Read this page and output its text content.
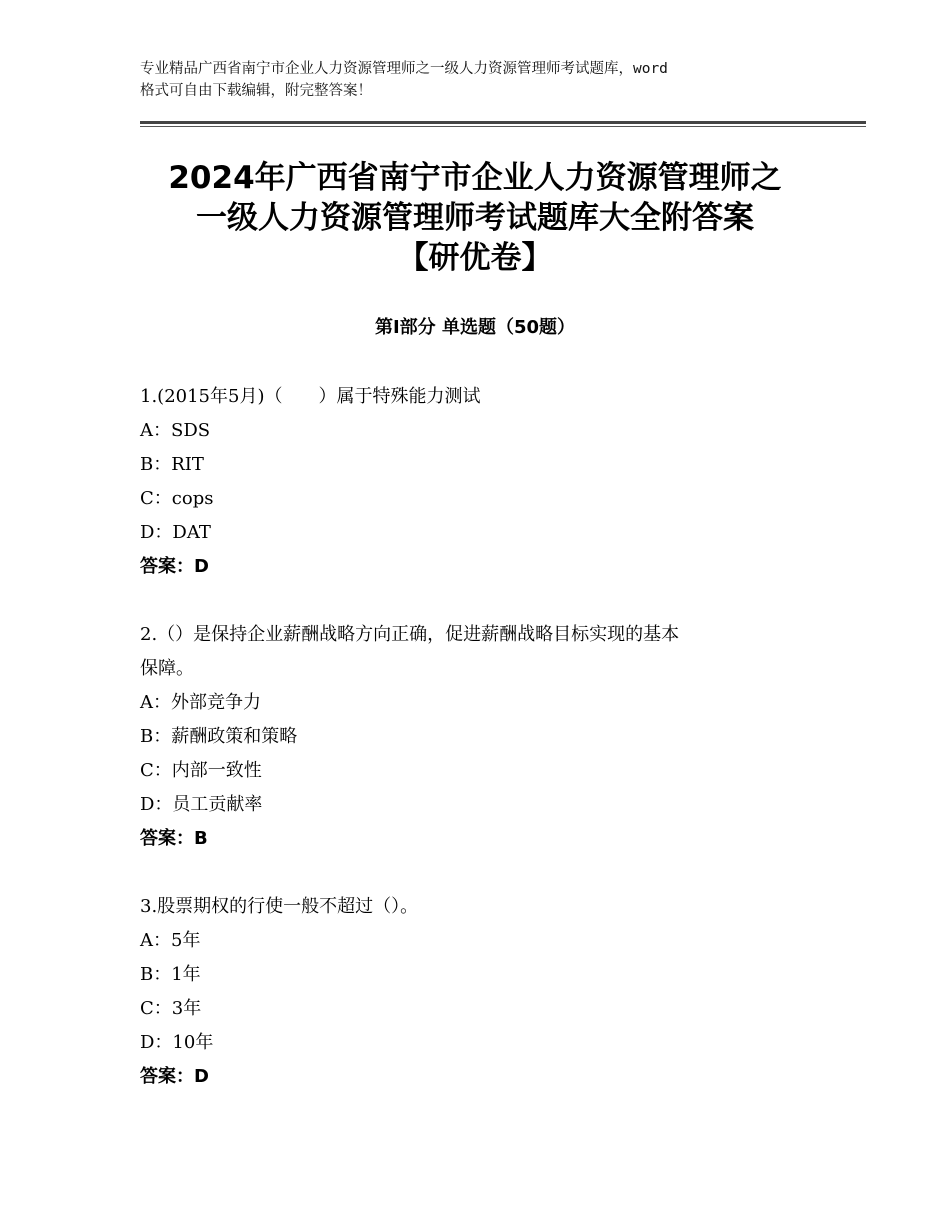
专业精品广西省南宁市企业人力资源管理师之一级人力资源管理师考试题库，word
格式可自由下载编辑，附完整答案！
2024年广西省南宁市企业人力资源管理师之
一级人力资源管理师考试题库大全附答案
【研优卷】
第Ⅰ部分 单选题（50题）
1.(2015年5月)（　　）属于特殊能力测试
A：SDS
B：RIT
C：cops
D：DAT
答案：D
2.（）是保持企业薪酬战略方向正确，促进薪酬战略目标实现的基本
保障。
A：外部竞争力
B：薪酬政策和策略
C：内部一致性
D：员工贡献率
答案：B
3.股票期权的行使一般不超过（）。
A：5年
B：1年
C：3年
D：10年
答案：D
